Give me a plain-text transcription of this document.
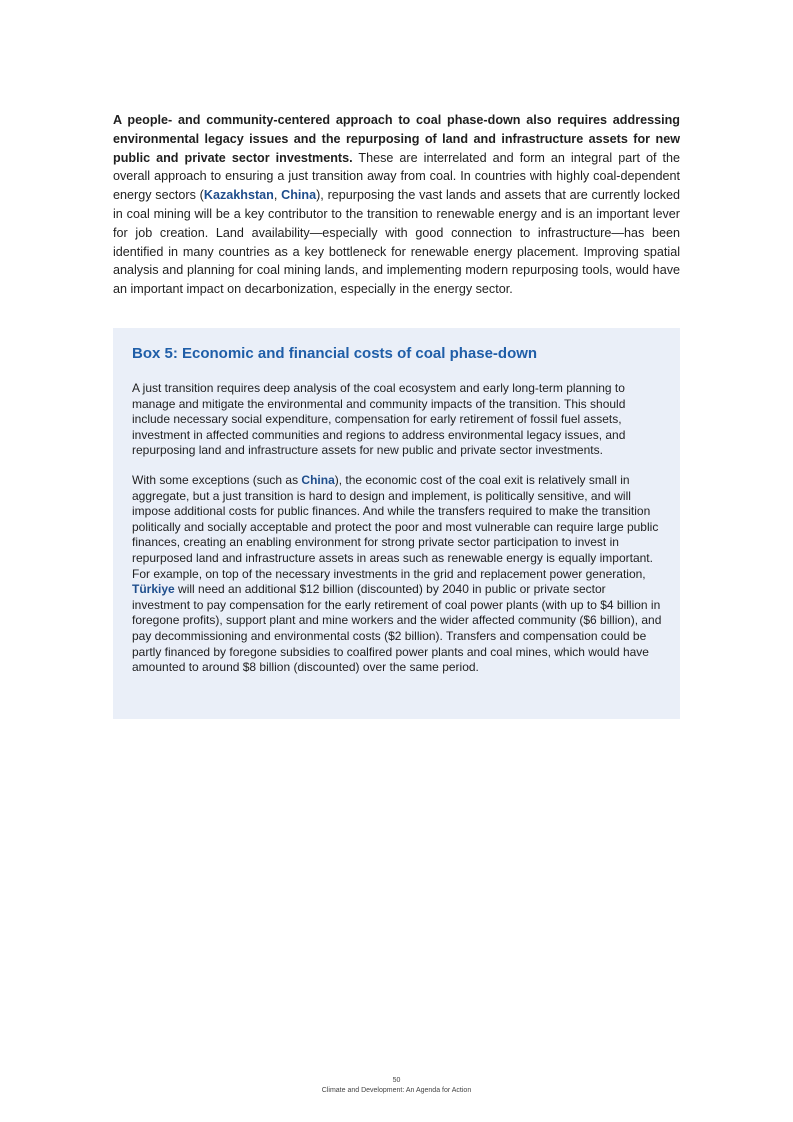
A people- and community-centered approach to coal phase-down also requires addressing environmental legacy issues and the repurposing of land and infrastructure assets for new public and private sector investments. These are interrelated and form an integral part of the overall approach to ensuring a just transition away from coal. In countries with highly coal-dependent energy sectors (Kazakhstan, China), repurposing the vast lands and assets that are currently locked in coal mining will be a key contributor to the transition to renewable energy and is an important lever for job creation. Land availability—especially with good connection to infrastructure—has been identified in many countries as a key bottleneck for renewable energy placement. Improving spatial analysis and planning for coal mining lands, and implementing modern repurposing tools, would have an important impact on decarbonization, especially in the energy sector.

Box 5: Economic and financial costs of coal phase-down

A just transition requires deep analysis of the coal ecosystem and early long-term planning to manage and mitigate the environmental and community impacts of the transition. This should include necessary social expenditure, compensation for early retirement of fossil fuel assets, investment in affected communities and regions to address environmental legacy issues, and repurposing land and infrastructure assets for new public and private sector investments.

With some exceptions (such as China), the economic cost of the coal exit is relatively small in aggregate, but a just transition is hard to design and implement, is politically sensitive, and will impose additional costs for public finances. And while the transfers required to make the transition politically and socially acceptable and protect the poor and most vulnerable can require large public finances, creating an enabling environment for strong private sector participation to invest in repurposed land and infrastructure assets in areas such as renewable energy is equally important. For example, on top of the necessary investments in the grid and replacement power generation, Türkiye will need an additional $12 billion (discounted) by 2040 in public or private sector investment to pay compensation for the early retirement of coal power plants (with up to $4 billion in foregone profits), support plant and mine workers and the wider affected community ($6 billion), and pay decommissioning and environmental costs ($2 billion). Transfers and compensation could be partly financed by foregone subsidies to coalfired power plants and coal mines, which would have amounted to around $8 billion (discounted) over the same period.

50
Climate and Development: An Agenda for Action
